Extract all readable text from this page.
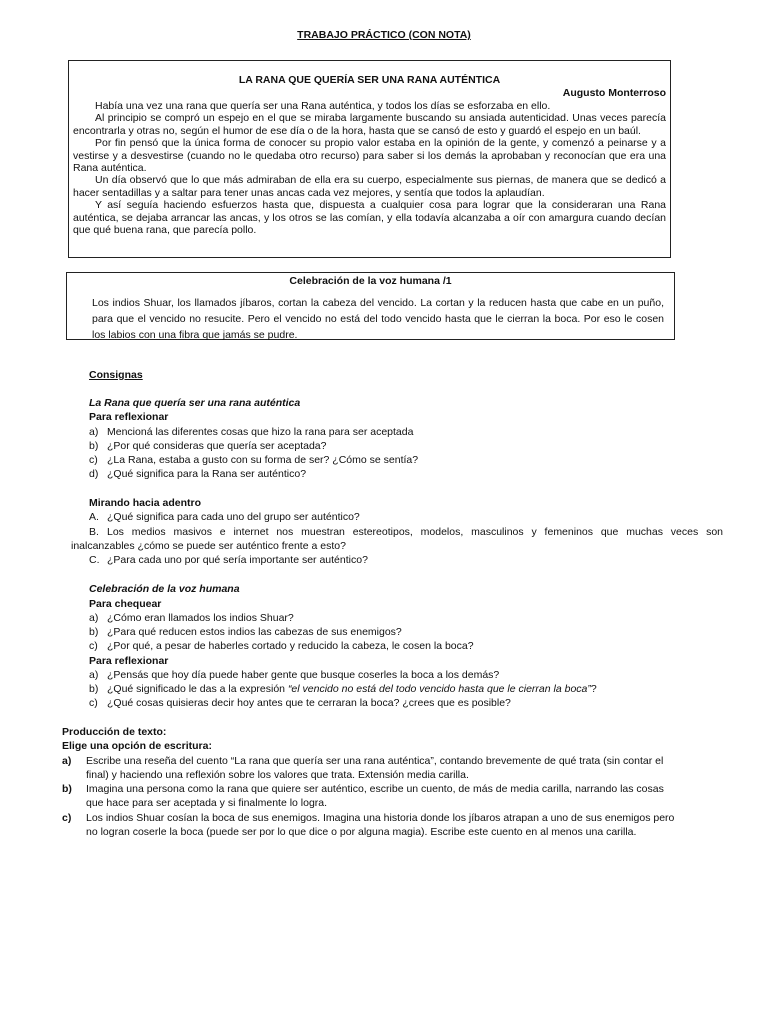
TRABAJO PRÁCTICO (CON NOTA)
LA RANA QUE QUERÍA SER UNA RANA AUTÉNTICA
Augusto Monterroso

Había una vez una rana que quería ser una Rana auténtica, y todos los días se esforzaba en ello.

Al principio se compró un espejo en el que se miraba largamente buscando su ansiada autenticidad. Unas veces parecía encontrarla y otras no, según el humor de ese día o de la hora, hasta que se cansó de esto y guardó el espejo en un baúl.

Por fin pensó que la única forma de conocer su propio valor estaba en la opinión de la gente, y comenzó a peinarse y a vestirse y a desvestirse (cuando no le quedaba otro recurso) para saber si los demás la aprobaban y reconocían que era una Rana auténtica.

Un día observó que lo que más admiraban de ella era su cuerpo, especialmente sus piernas, de manera que se dedicó a hacer sentadillas y a saltar para tener unas ancas cada vez mejores, y sentía que todos la aplaudían.

Y así seguía haciendo esfuerzos hasta que, dispuesta a cualquier cosa para lograr que la consideraran una Rana auténtica, se dejaba arrancar las ancas, y los otros se las comían, y ella todavía alcanzaba a oír con amargura cuando decían que qué buena rana, que parecía pollo.

Celebración de la voz humana /1

Los indios Shuar, los llamados jíbaros, cortan la cabeza del vencido. La cortan y la reducen hasta que cabe en un puño, para que el vencido no resucite. Pero el vencido no está del todo vencido hasta que le cierran la boca. Por eso le cosen los labios con una fibra que jamás se pudre.

Consignas
La Rana que quería ser una rana auténtica
Para reflexionar
a) Mencioná las diferentes cosas que hizo la rana para ser aceptada
b) ¿Por qué consideras que quería ser aceptada?
c) ¿La Rana, estaba a gusto con su forma de ser? ¿Cómo se sentía?
d) ¿Qué significa para la Rana ser auténtico?
Mirando hacia adentro
A. ¿Qué significa para cada uno del grupo ser auténtico?
B. Los medios masivos e internet nos muestran estereotipos, modelos, masculinos y femeninos que muchas veces son
inalcanzables ¿cómo se puede ser auténtico frente a esto?
C. ¿Para cada uno por qué sería importante ser auténtico?
Celebración de la voz humana
Para chequear
a) ¿Cómo eran llamados los indios Shuar?
b) ¿Para qué reducen estos indios las cabezas de sus enemigos?
c) ¿Por qué, a pesar de haberles cortado y reducido la cabeza, le cosen la boca?
Para reflexionar
a) ¿Pensás que hoy día puede haber gente que busque coserles la boca a los demás?
b) ¿Qué significado le das a la expresión “el vencido no está del todo vencido hasta que le cierran la boca”?
c) ¿Qué cosas quisieras decir hoy antes que te cerraran la boca? ¿crees que es posible?
Producción de texto:
Elige una opción de escritura:
a) Escribe una reseña del cuento “La rana que quería ser una rana auténtica”, contando brevemente de qué trata (sin contar el
final) y haciendo una reflexión sobre los valores que trata. Extensión media carilla.
b) Imagina una persona como la rana que quiere ser auténtico, escribe un cuento, de más de media carilla, narrando las cosas
que hace para ser aceptada y si finalmente lo logra.
c) Los indios Shuar cosían la boca de sus enemigos. Imagina una historia donde los jíbaros atrapan a uno de sus enemigos pero
no logran coserle la boca (puede ser por lo que dice o por alguna magia). Escribe este cuento en al menos una carilla.
